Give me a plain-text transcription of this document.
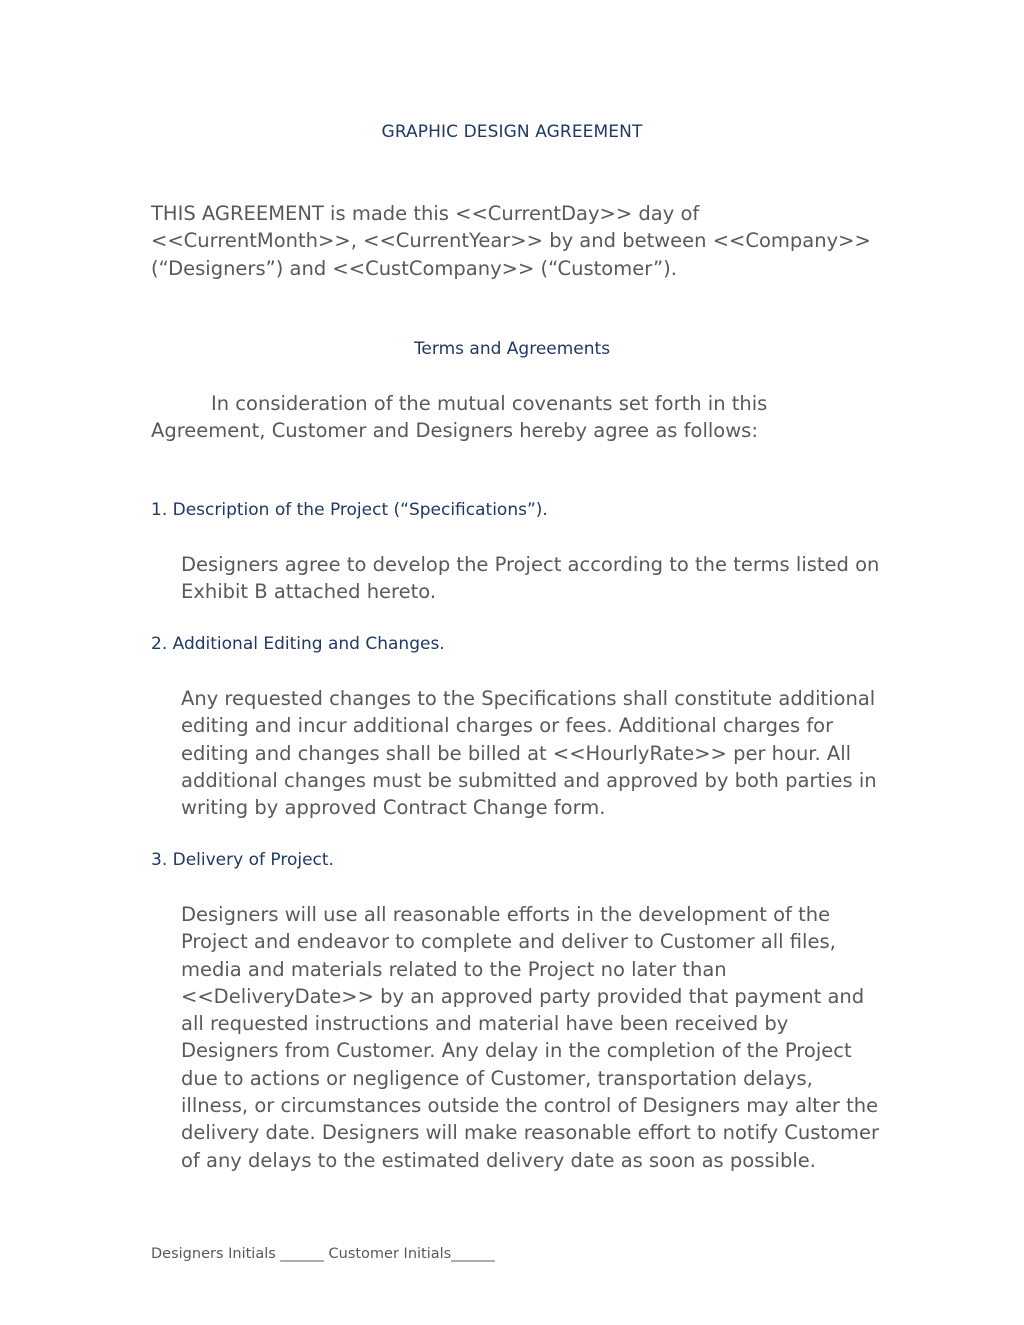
GRAPHIC DESIGN AGREEMENT

THIS AGREEMENT is made this <<CurrentDay>> day of <<CurrentMonth>>, <<CurrentYear>> by and between <<Company>> (“Designers”) and <<CustCompany>> (“Customer”).

Terms and Agreements

In consideration of the mutual covenants set forth in this Agreement, Customer and Designers hereby agree as follows:

1. Description of the Project (“Specifications”).

Designers agree to develop the Project according to the terms listed on Exhibit B attached hereto.

2. Additional Editing and Changes.

Any requested changes to the Specifications shall constitute additional editing and incur additional charges or fees. Additional charges for editing and changes shall be billed at <<HourlyRate>> per hour. All additional changes must be submitted and approved by both parties in writing by approved Contract Change form.

3. Delivery of Project.

Designers will use all reasonable efforts in the development of the Project and endeavor to complete and deliver to Customer all files, media and materials related to the Project no later than <<DeliveryDate>> by an approved party provided that payment and all requested instructions and material have been received by Designers from Customer. Any delay in the completion of the Project due to actions or negligence of Customer, transportation delays, illness, or circumstances outside the control of Designers may alter the delivery date. Designers will make reasonable effort to notify Customer of any delays to the estimated delivery date as soon as possible.

Designers Initials ______ Customer Initials______
